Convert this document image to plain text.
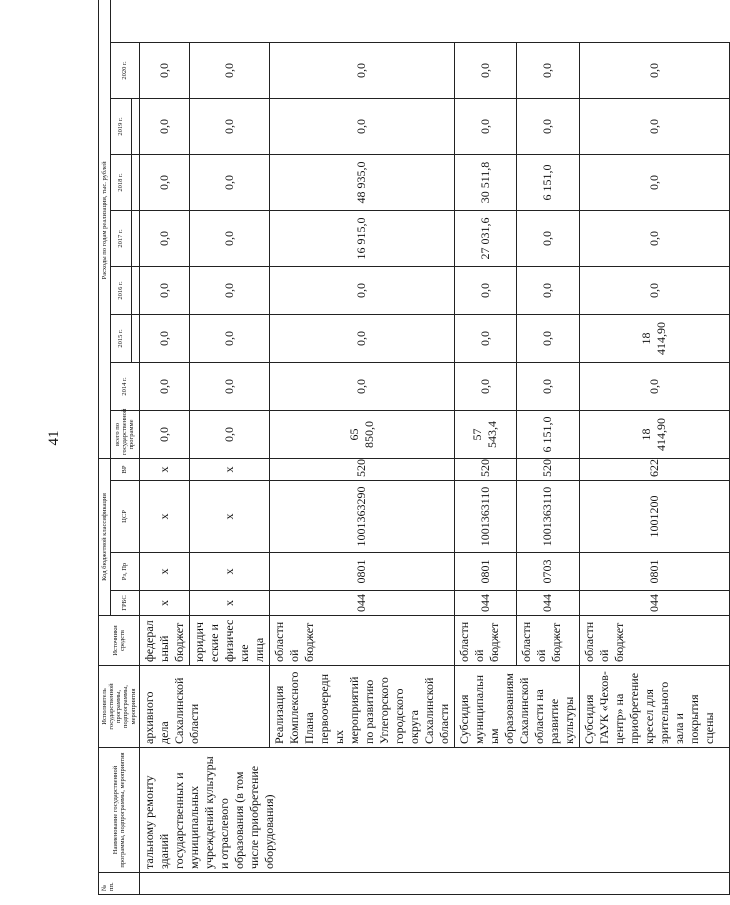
41
№ пп.	Наименование государственной программы, подпрограммы, мероприятия	Исполнитель государственной программы, подпрограммы, мероприятия	Источники средств	Код бюджетной классификации				Расходы по годам реализации, тыс. рублей							
				ГРБС	Рз, Пр	ЦСР	ВР	всего по государственной программе	2014 г.	2015 г.	2016 г.	2017 г.	2018 г.	2019 г.	2020 г.

	тальному ремонту зданий государственных и муниципальных учреждений культуры и отраслевого образования (в том числе приобретение оборудования)	архивного дела Сахалинской области	федеральный бюджет	x	x	x	x	0,0	0,0	0,0	0,0	0,0	0,0	0,0	0,0
			юридические и физические лица	x	x	x	x	0,0	0,0	0,0	0,0	0,0	0,0	0,0	0,0
		Реализация Комплексного Плана первоочередных мероприятий по развитию Углегорского городского округа Сахалинской области	областной бюджет	044	0801	1001363290	520	65 850,0	0,0	0,0	0,0	16 915,0	48 935,0	0,0	0,0
		Субсидия муниципальным образованиям Сахалинской области на развитие культуры	областной бюджет	044	0801	1001363110	520	57 543,4	0,0	0,0	0,0	27 031,6	30 511,8	0,0	0,0
			областной бюджет	044	0703	1001363110	520	6 151,0	0,0	0,0	0,0	0,0	6 151,0	0,0	0,0
		Субсидия ГАУК «Чехов-центр» на приобретение кресел для зрительного зала и покрытия сцены	областной бюджет	044	0801	1001200	622	18 414,90	0,0	18 414,90	0,0	0,0	0,0	0,0	0,0
